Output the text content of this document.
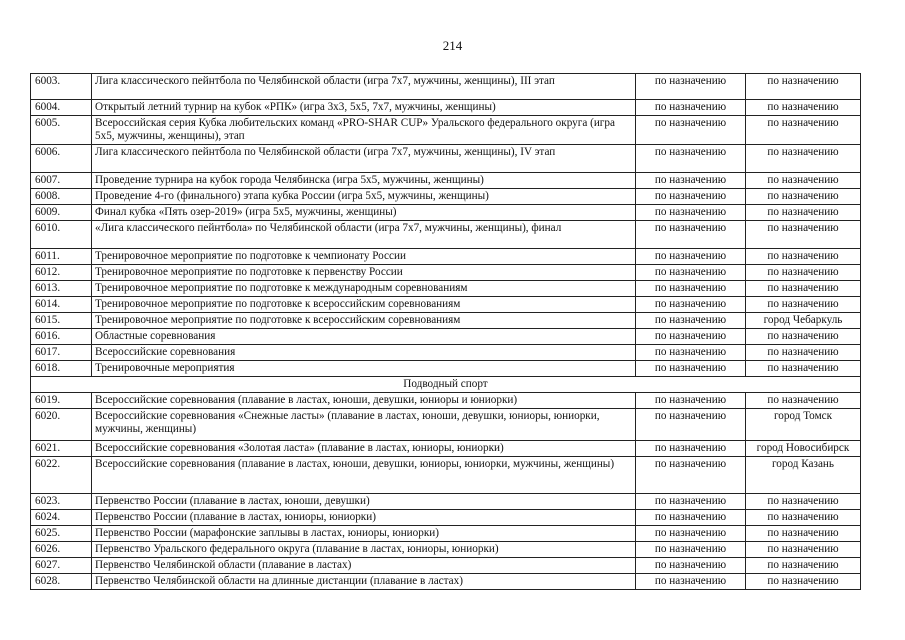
214
6003.	Лига классического пейнтбола по Челябинской области (игра 7x7, мужчины, женщины), III этап	по назначению	по назначению
6004.	Открытый летний турнир на кубок «РПК» (игра 3x3, 5x5, 7x7, мужчины, женщины)	по назначению	по назначению
6005.	Всероссийская серия Кубка любительских команд «PRO-SHAR CUP» Уральского федерального округа (игра 5x5, мужчины, женщины), этап	по назначению	по назначению
6006.	Лига классического пейнтбола по Челябинской области (игра 7x7, мужчины, женщины), IV этап	по назначению	по назначению
6007.	Проведение турнира на кубок города Челябинска (игра 5x5, мужчины, женщины)	по назначению	по назначению
6008.	Проведение 4-го (финального) этапа кубка России (игра 5x5, мужчины, женщины)	по назначению	по назначению
6009.	Финал кубка «Пять озер-2019» (игра 5x5, мужчины, женщины)	по назначению	по назначению
6010.	«Лига классического пейнтбола» по Челябинской области (игра 7x7, мужчины, женщины), финал	по назначению	по назначению
6011.	Тренировочное мероприятие по подготовке к чемпионату России	по назначению	по назначению
6012.	Тренировочное мероприятие по подготовке к первенству России	по назначению	по назначению
6013.	Тренировочное мероприятие по подготовке к международным соревнованиям	по назначению	по назначению
6014.	Тренировочное мероприятие по подготовке к всероссийским соревнованиям	по назначению	по назначению
6015.	Тренировочное мероприятие по подготовке к всероссийским соревнованиям	по назначению	город Чебаркуль
6016.	Областные соревнования	по назначению	по назначению
6017.	Всероссийские соревнования	по назначению	по назначению
6018.	Тренировочные мероприятия	по назначению	по назначению
Подводный спорт			
6019.	Всероссийские соревнования (плавание в ластах, юноши, девушки, юниоры и юниорки)	по назначению	по назначению
6020.	Всероссийские соревнования «Снежные ласты» (плавание в ластах, юноши, девушки, юниоры, юниорки, мужчины, женщины)	по назначению	город Томск
6021.	Всероссийские соревнования «Золотая ласта» (плавание в ластах, юниоры, юниорки)	по назначению	город Новосибирск
6022.	Всероссийские соревнования (плавание в ластах, юноши, девушки, юниоры, юниорки, мужчины, женщины)	по назначению	город Казань
6023.	Первенство России (плавание в ластах, юноши, девушки)	по назначению	по назначению
6024.	Первенство России (плавание в ластах, юниоры, юниорки)	по назначению	по назначению
6025.	Первенство России (марафонские заплывы в ластах, юниоры, юниорки)	по назначению	по назначению
6026.	Первенство Уральского федерального округа (плавание в ластах, юниоры, юниорки)	по назначению	по назначению
6027.	Первенство Челябинской области (плавание в ластах)	по назначению	по назначению
6028.	Первенство Челябинской области на длинные дистанции (плавание в ластах)	по назначению	по назначению
